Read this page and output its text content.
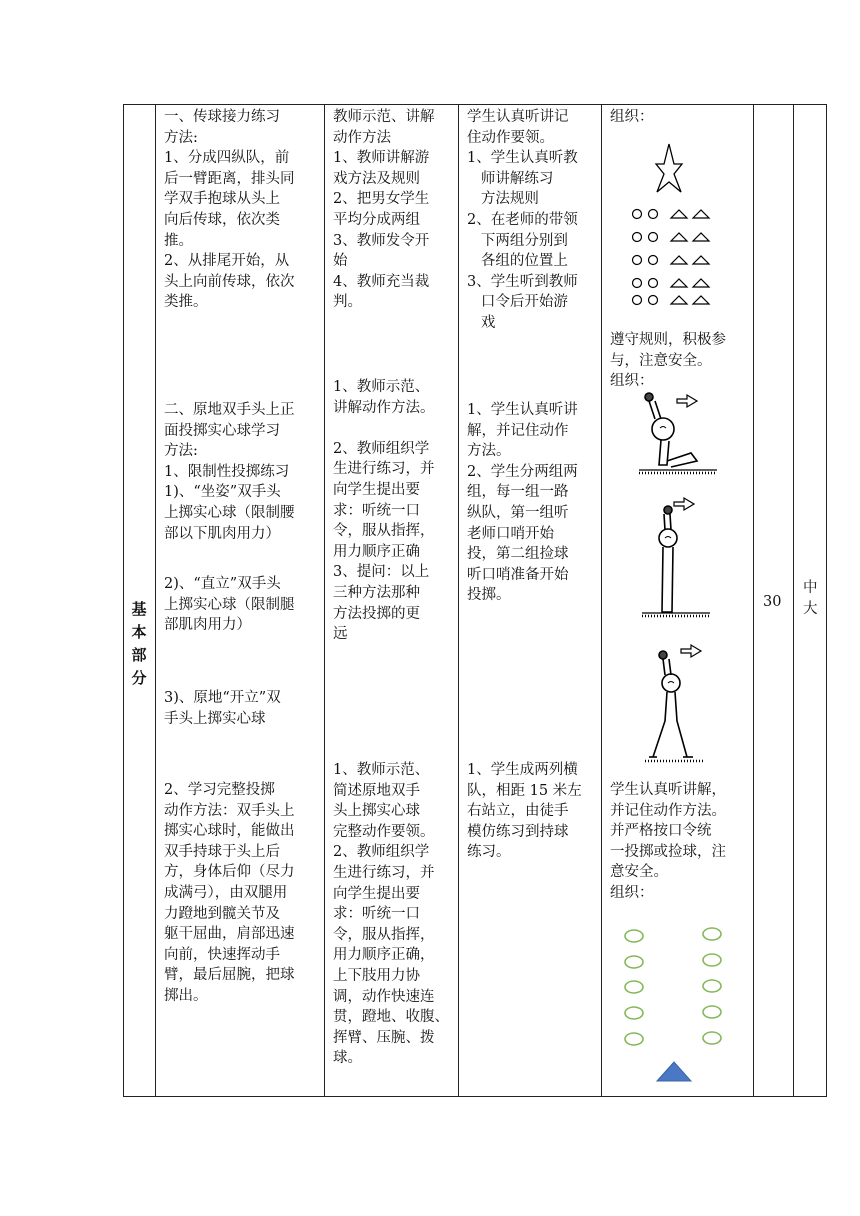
基本部分
一、传球接力练习
方法:
1、分成四纵队，前
后一臂距离，排头同
学双手抱球从头上
向后传球，依次类
推。
2、从排尾开始，从
头上向前传球，依次
类推。
二、原地双手头上正
面投掷实心球学习
方法:
1、限制性投掷练习
1)、“坐姿”双手头
上掷实心球（限制腰
部以下肌肉用力）
2)、“直立”双手头
上掷实心球（限制腿
部肌肉用力）
3)、原地“开立”双
手头上掷实心球
2、学习完整投掷
动作方法：双手头上
掷实心球时，能做出
双手持球于头上后
方，身体后仰（尽力
成满弓），由双腿用
力蹬地到髋关节及
躯干屈曲，肩部迅速
向前，快速挥动手
臂，最后屈腕，把球
掷出。
教师示范、讲解
动作方法
1、教师讲解游
戏方法及规则
2、把男女学生
平均分成两组
3、教师发令开
始
4、教师充当裁
判。
1、教师示范、
讲解动作方法。

2、教师组织学
生进行练习，并
向学生提出要
求：听统一口
令，服从指挥，
用力顺序正确
3、提问：以上
三种方法那种
方法投掷的更
远
1、教师示范、
简述原地双手
头上掷实心球
完整动作要领。
2、教师组织学
生进行练习，并
向学生提出要
求：听统一口
令，服从指挥，
用力顺序正确，
上下肢用力协
调，动作快速连
贯，蹬地、收腹、
挥臂、压腕、拨
球。
学生认真听讲记
住动作要领。
1、学生认真听教
师讲解练习
方法规则
2、在老师的带领
下两组分别到
各组的位置上
3、学生听到教师
口令后开始游
戏
1、学生认真听讲
解，并记住动作
方法。
2、学生分两组两
组，每一组一路
纵队，第一组听
老师口哨开始
投，第二组捡球
听口哨准备开始
投掷。
1、学生成两列横
队，相距 15 米左
右站立，由徒手
模仿练习到持球
练习。
组织：
遵守规则，积极参
与，注意安全。
组织：
学生认真听讲解，
并记住动作方法。
并严格按口令统
一投掷或捡球，注
意安全。
组织：
30
中
大
